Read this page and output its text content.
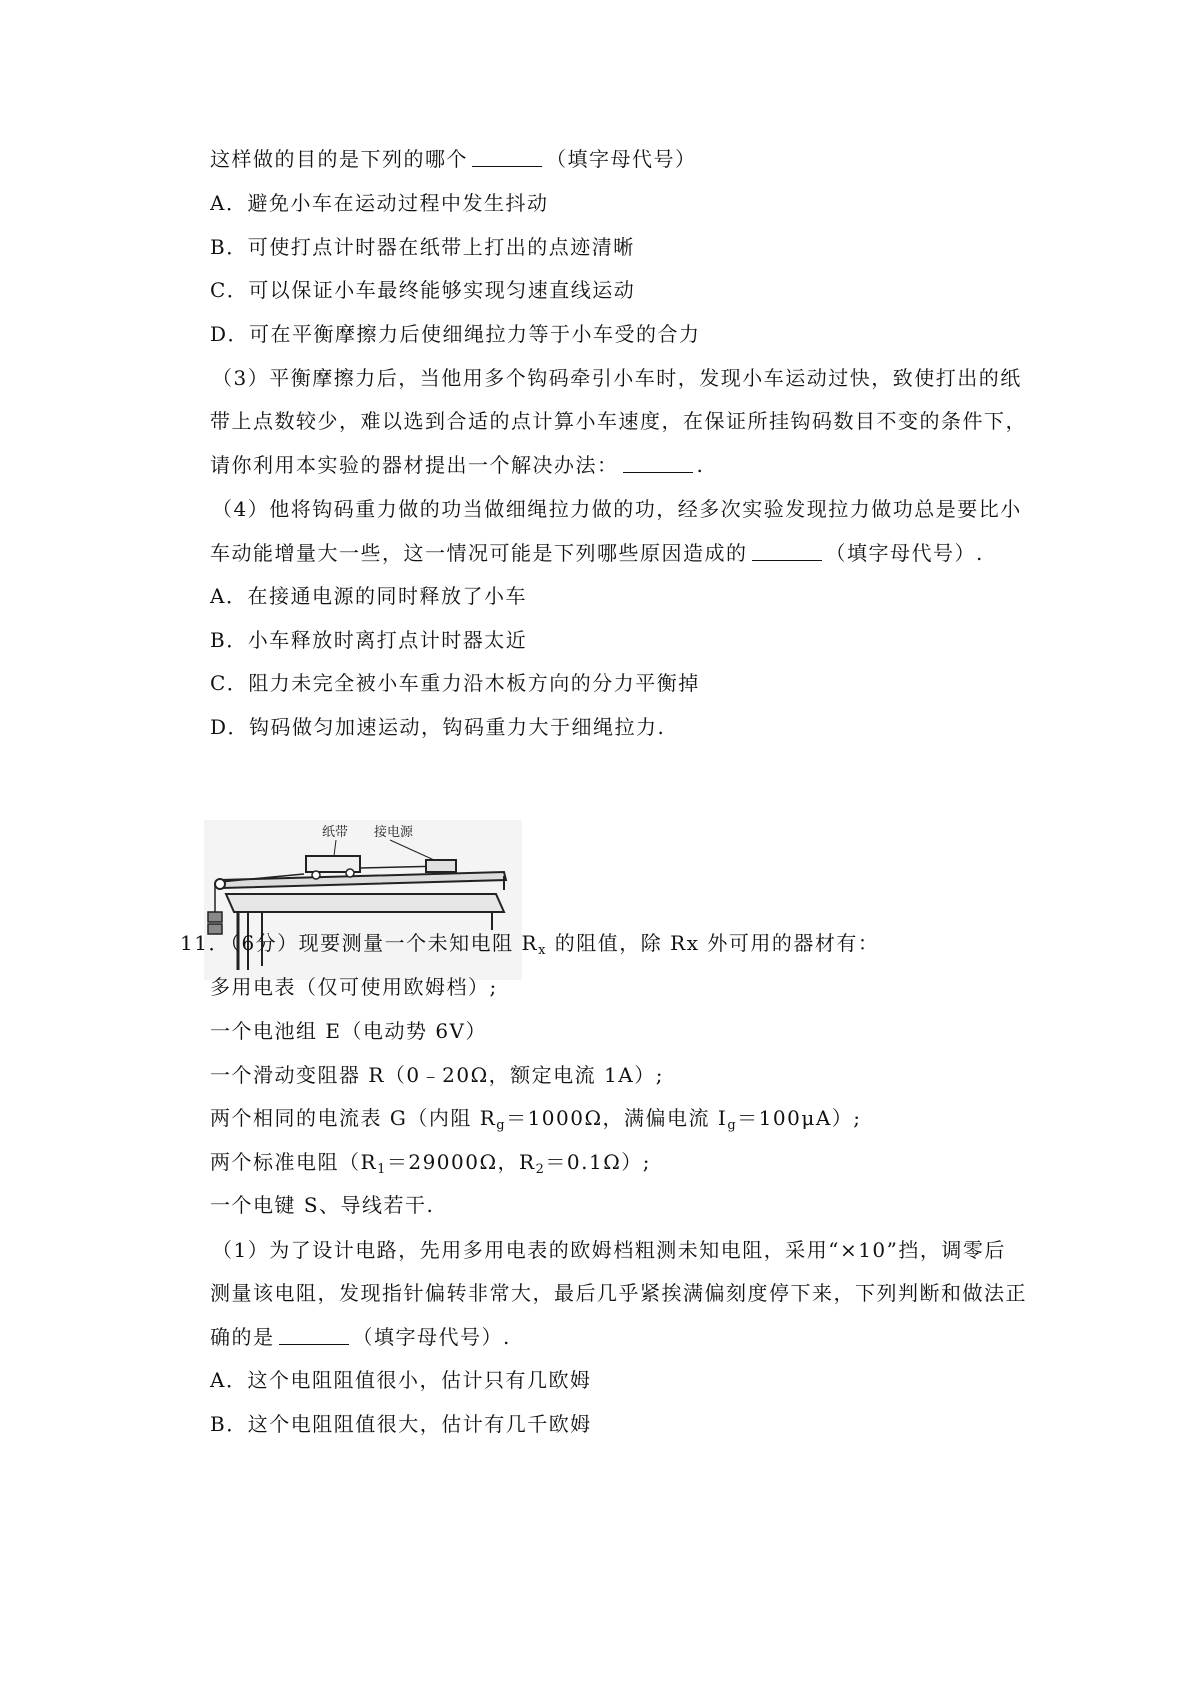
这样做的目的是下列的哪个	（填字母代号）
A．避免小车在运动过程中发生抖动
B．可使打点计时器在纸带上打出的点迹清晰
C．可以保证小车最终能够实现匀速直线运动
D．可在平衡摩擦力后使细绳拉力等于小车受的合力
（3）平衡摩擦力后，当他用多个钩码牵引小车时，发现小车运动过快，致使打出的纸
带上点数较少，难以选到合适的点计算小车速度，在保证所挂钩码数目不变的条件下，
请你利用本实验的器材提出一个解决办法：	.
（4）他将钩码重力做的功当做细绳拉力做的功，经多次实验发现拉力做功总是要比小
车动能增量大一些，这一情况可能是下列哪些原因造成的	（填字母代号）.
A．在接通电源的同时释放了小车
B．小车释放时离打点计时器太近
C．阻力未完全被小车重力沿木板方向的分力平衡掉
D．钩码做匀加速运动，钩码重力大于细绳拉力.
纸带 接电源
11．（6分）现要测量一个未知电阻 $R_x$ 的阻值，除 Rx 外可用的器材有：
多用电表（仅可使用欧姆档）;
一个电池组 E（电动势 6V）
一个滑动变阻器 R（0﹣20Ω，额定电流 1A）;
两个相同的电流表 G（内阻 $R_g=1000\Omega$，满偏电流 $I_g=100\mu A$）;
两个标准电阻（$R_1=29000\Omega$，$R_2=0.1\Omega$）;
一个电键 S、导线若干.
（1）为了设计电路，先用多用电表的欧姆档粗测未知电阻，采用“×10”挡，调零后
测量该电阻，发现指针偏转非常大，最后几乎紧挨满偏刻度停下来，下列判断和做法正
确的是	（填字母代号）.
A．这个电阻阻值很小，估计只有几欧姆
B．这个电阻阻值很大，估计有几千欧姆
